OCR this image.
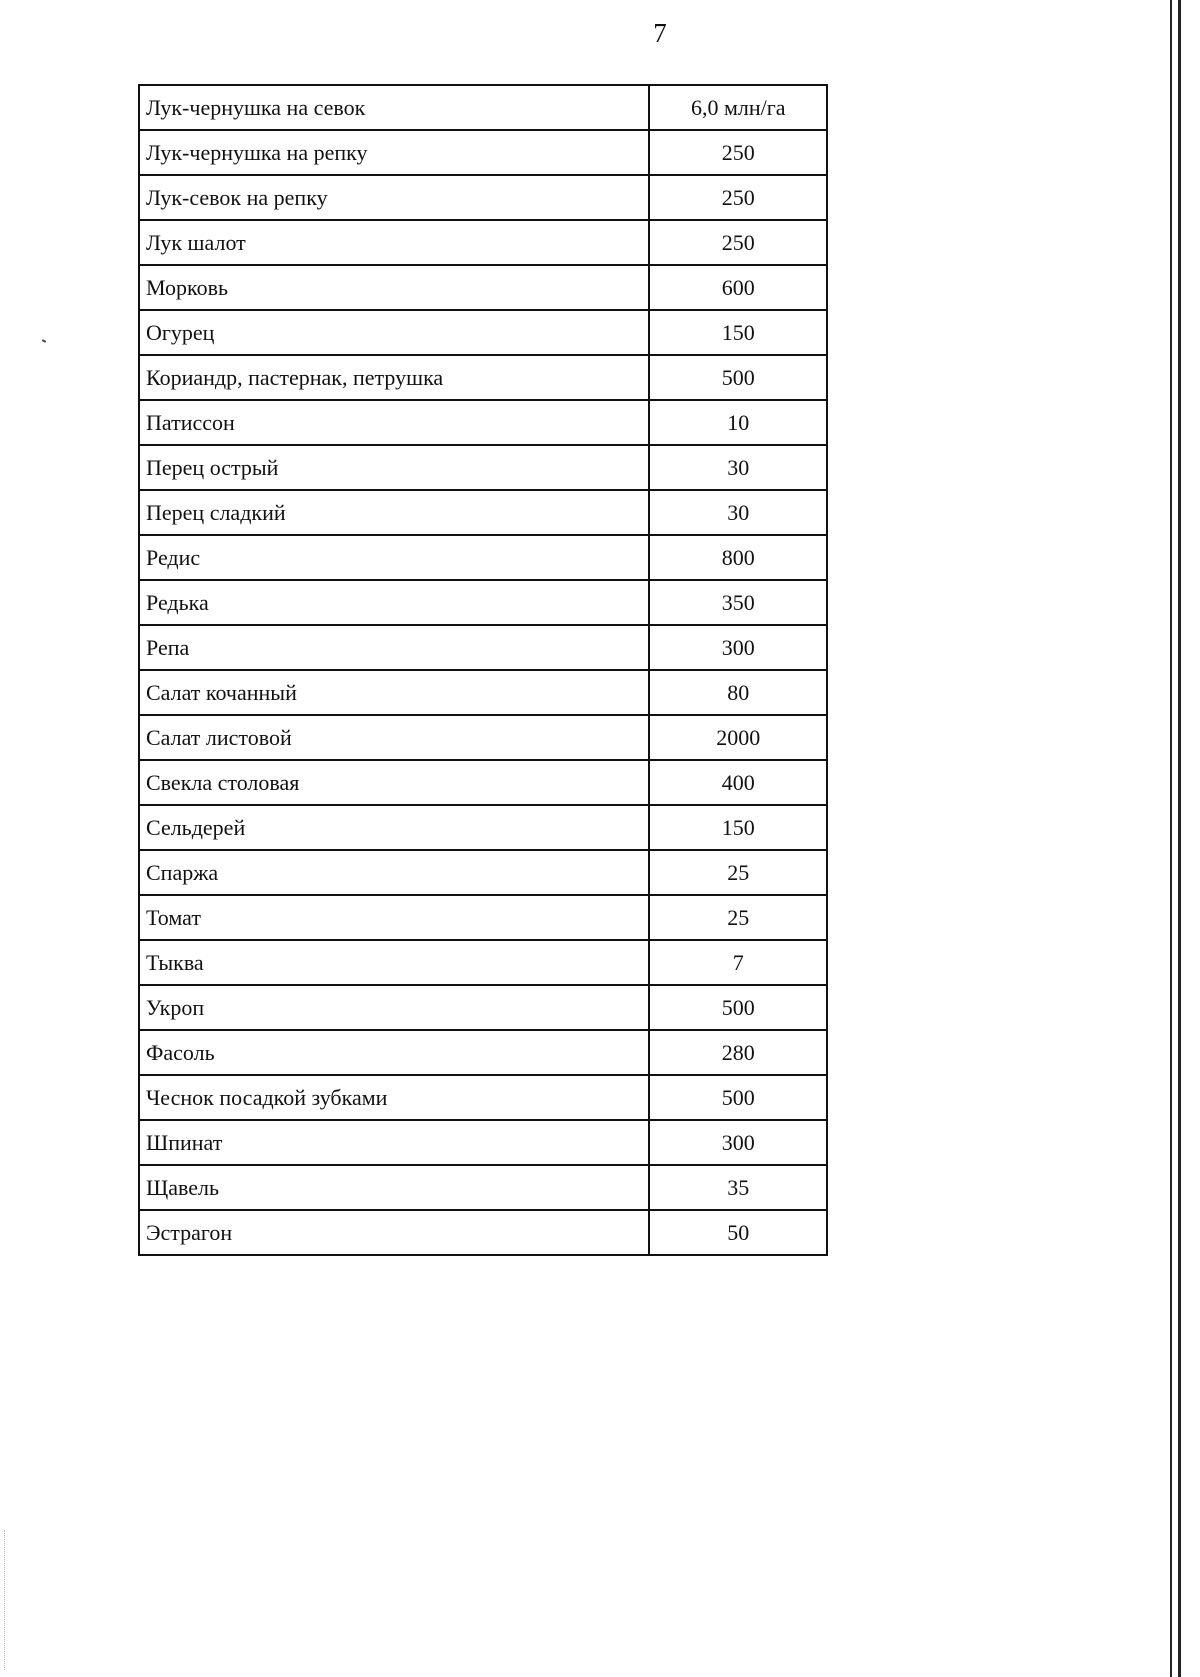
7
Лук-чернушка на севок	6,0 млн/га
Лук-чернушка на репку	250
Лук-севок на репку	250
Лук шалот	250
Морковь	600
Огурец	150
Кориандр, пастернак, петрушка	500
Патиссон	10
Перец острый	30
Перец сладкий	30
Редис	800
Редька	350
Репа	300
Салат кочанный	80
Салат листовой	2000
Свекла столовая	400
Сельдерей	150
Спаржа	25
Томат	25
Тыква	7
Укроп	500
Фасоль	280
Чеснок посадкой зубками	500
Шпинат	300
Щавель	35
Эстрагон	50
